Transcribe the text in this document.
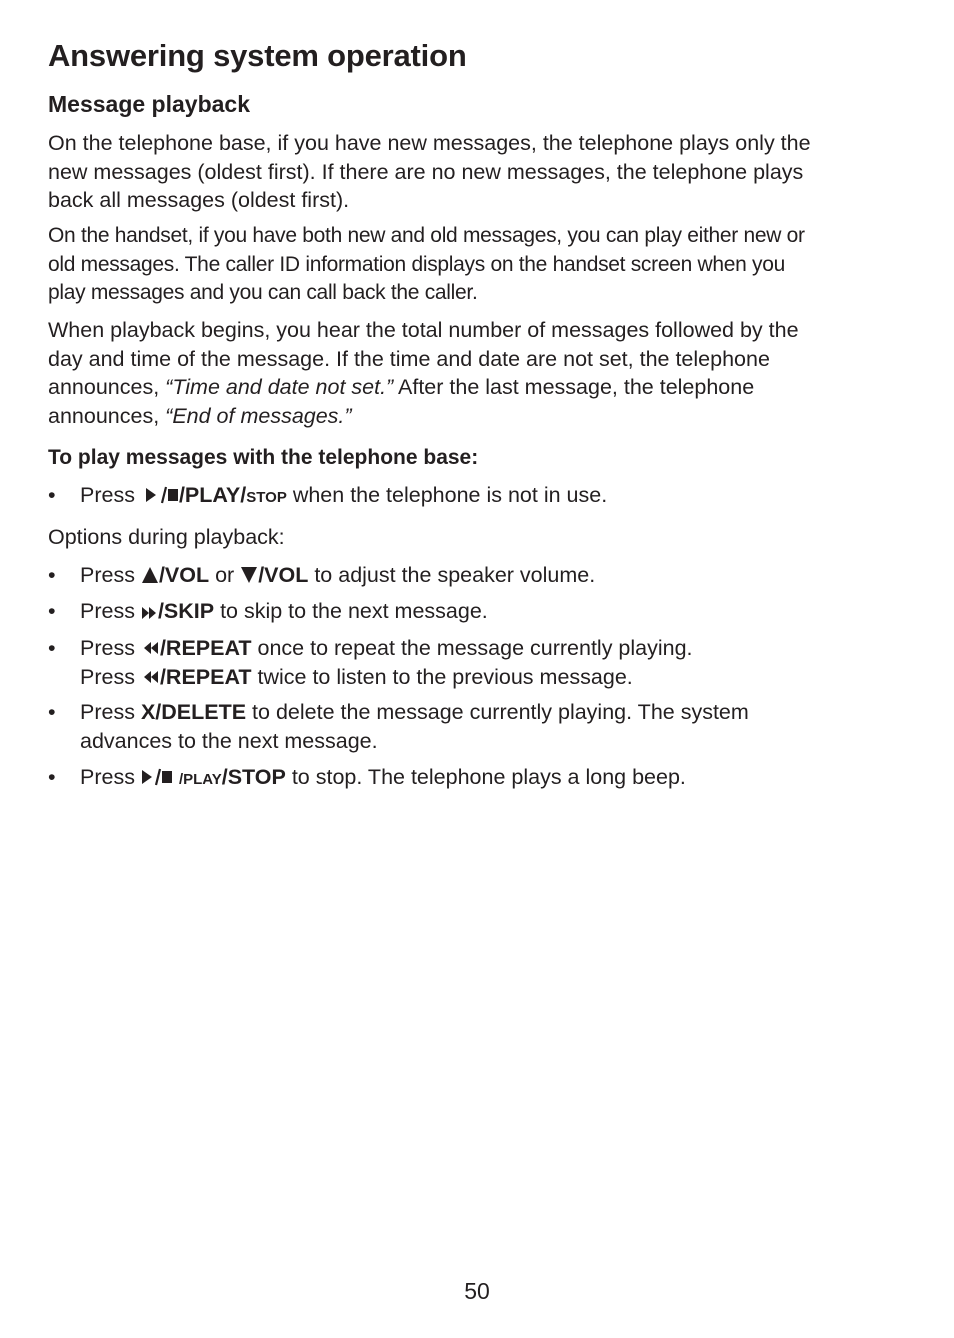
Answering system operation
Message playback

On the telephone base, if you have new messages, the telephone plays only the
new messages (oldest first). If there are no new messages, the telephone plays
back all messages (oldest first).

On the handset, if you have both new and old messages, you can play either new or
old messages. The caller ID information displays on the handset screen when you
play messages and you can call back the caller.

When playback begins, you hear the total number of messages followed by the
day and time of the message. If the time and date are not set, the telephone
announces, “Time and date not set.” After the last message, the telephone
announces, “End of messages.”

To play messages with the telephone base:

• Press /PLAY/STOP when the telephone is not in use.

Options during playback:

• Press /VOL or /VOL to adjust the speaker volume.
• Press /SKIP to skip to the next message.
• Press /REPEAT once to repeat the message currently playing.
Press /REPEAT twice to listen to the previous message.
• Press X/DELETE to delete the message currently playing. The system
advances to the next message.
• Press	/PLAY/STOP to stop. The telephone plays a long beep.

50
